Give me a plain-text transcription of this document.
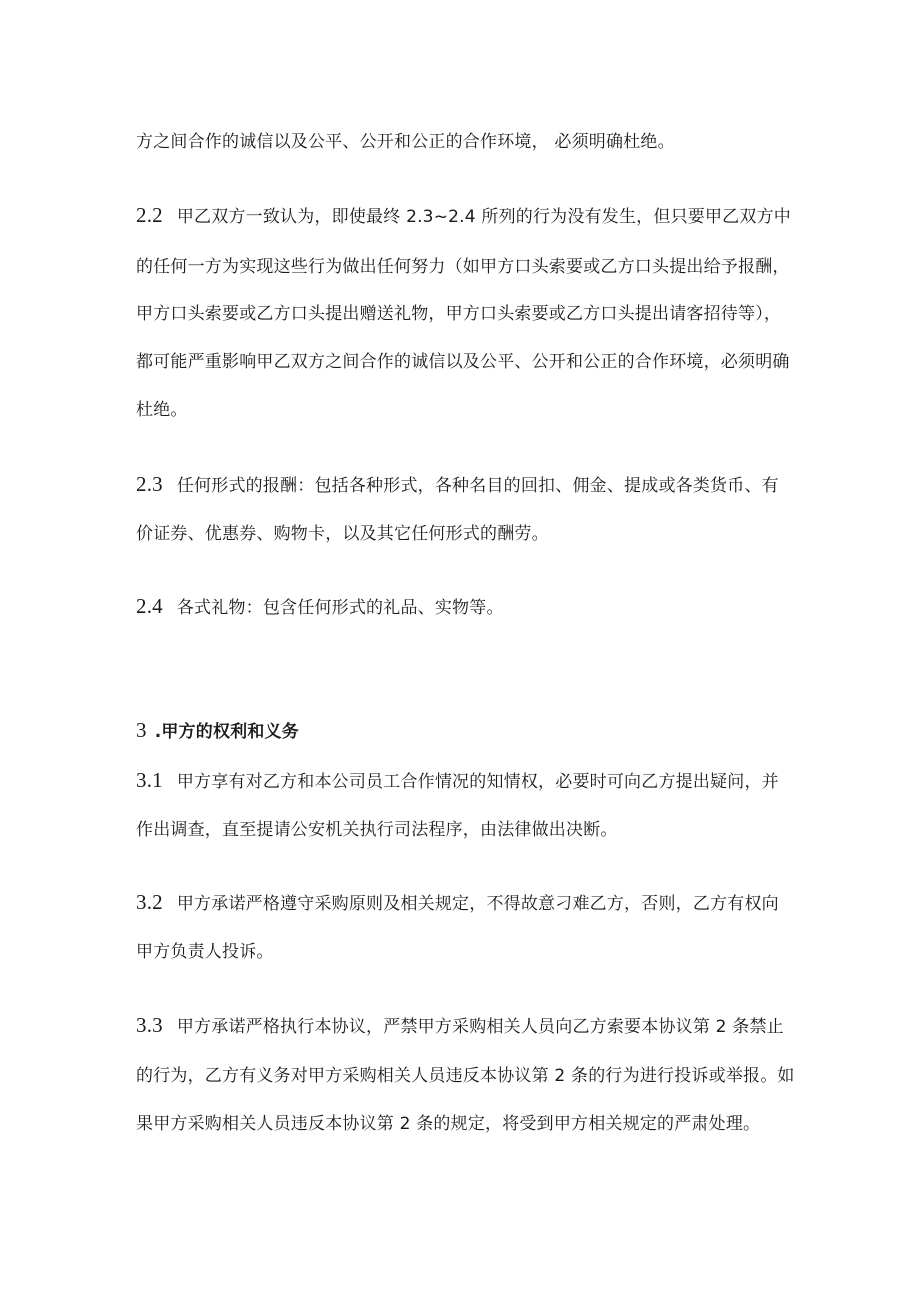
方之间合作的诚信以及公平、公开和公正的合作环境， 必须明确杜绝。
2.2 甲乙双方一致认为，即使最终 2.3~2.4 所列的行为没有发生，但只要甲乙双方中
的任何一方为实现这些行为做出任何努力（如甲方口头索要或乙方口头提出给予报酬，
甲方口头索要或乙方口头提出赠送礼物，甲方口头索要或乙方口头提出请客招待等），
都可能严重影响甲乙双方之间合作的诚信以及公平、公开和公正的合作环境，必须明确
杜绝。
2.3 任何形式的报酬：包括各种形式，各种名目的回扣、佣金、提成或各类货币、有
价证券、优惠券、购物卡，以及其它任何形式的酬劳。
2.4 各式礼物：包含任何形式的礼品、实物等。
3 .甲方的权利和义务
3.1 甲方享有对乙方和本公司员工合作情况的知情权，必要时可向乙方提出疑问，并
作出调查，直至提请公安机关执行司法程序，由法律做出决断。
3.2 甲方承诺严格遵守采购原则及相关规定，不得故意刁难乙方，否则，乙方有权向
甲方负责人投诉。
3.3 甲方承诺严格执行本协议，严禁甲方采购相关人员向乙方索要本协议第 2 条禁止
的行为，乙方有义务对甲方采购相关人员违反本协议第 2 条的行为进行投诉或举报。如
果甲方采购相关人员违反本协议第 2 条的规定，将受到甲方相关规定的严肃处理。
